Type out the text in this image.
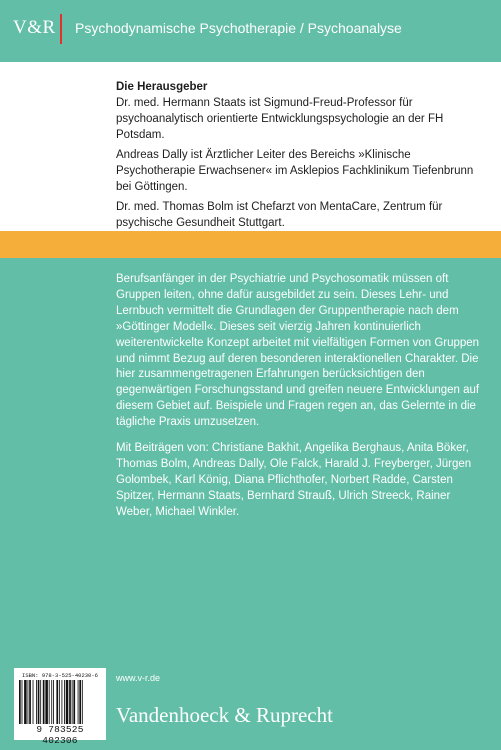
V&R Psychodynamische Psychotherapie / Psychoanalyse

Die Herausgeber

Dr. med. Hermann Staats ist Sigmund-Freud-Professor für psychoanalytisch orientierte Entwicklungspsychologie an der FH Potsdam.

Andreas Dally ist Ärztlicher Leiter des Bereichs »Klinische Psychotherapie Erwachsener« im Asklepios Fachklinikum Tiefenbrunn bei Göttingen.

Dr. med. Thomas Bolm ist Chefarzt von MentaCare, Zentrum für psychische Gesundheit Stuttgart.

Berufsanfänger in der Psychiatrie und Psychosomatik müssen oft Gruppen leiten, ohne dafür ausgebildet zu sein. Dieses Lehr- und Lernbuch vermittelt die Grundlagen der Gruppentherapie nach dem »Göttinger Modell«. Dieses seit vierzig Jahren kontinuierlich weiterentwickelte Konzept arbeitet mit vielfältigen Formen von Gruppen und nimmt Bezug auf deren besonderen interaktionellen Charakter. Die hier zusammengetragenen Erfahrungen berücksichtigen den gegenwärtigen Forschungsstand und greifen neuere Entwicklungen auf diesem Gebiet auf. Beispiele und Fragen regen an, das Gelernte in die tägliche Praxis umzusetzen.

Mit Beiträgen von: Christiane Bakhit, Angelika Berghaus, Anita Böker, Thomas Bolm, Andreas Dally, Ole Falck, Harald J. Freyberger, Jürgen Golombek, Karl König, Diana Pflichthofer, Norbert Radde, Carsten Spitzer, Hermann Staats, Bernhard Strauß, Ulrich Streeck, Rainer Weber, Michael Winkler.

ISBN: 978-3-525-40230-6
9 783525 402306
www.v-r.de
Vandenhoeck & Ruprecht
